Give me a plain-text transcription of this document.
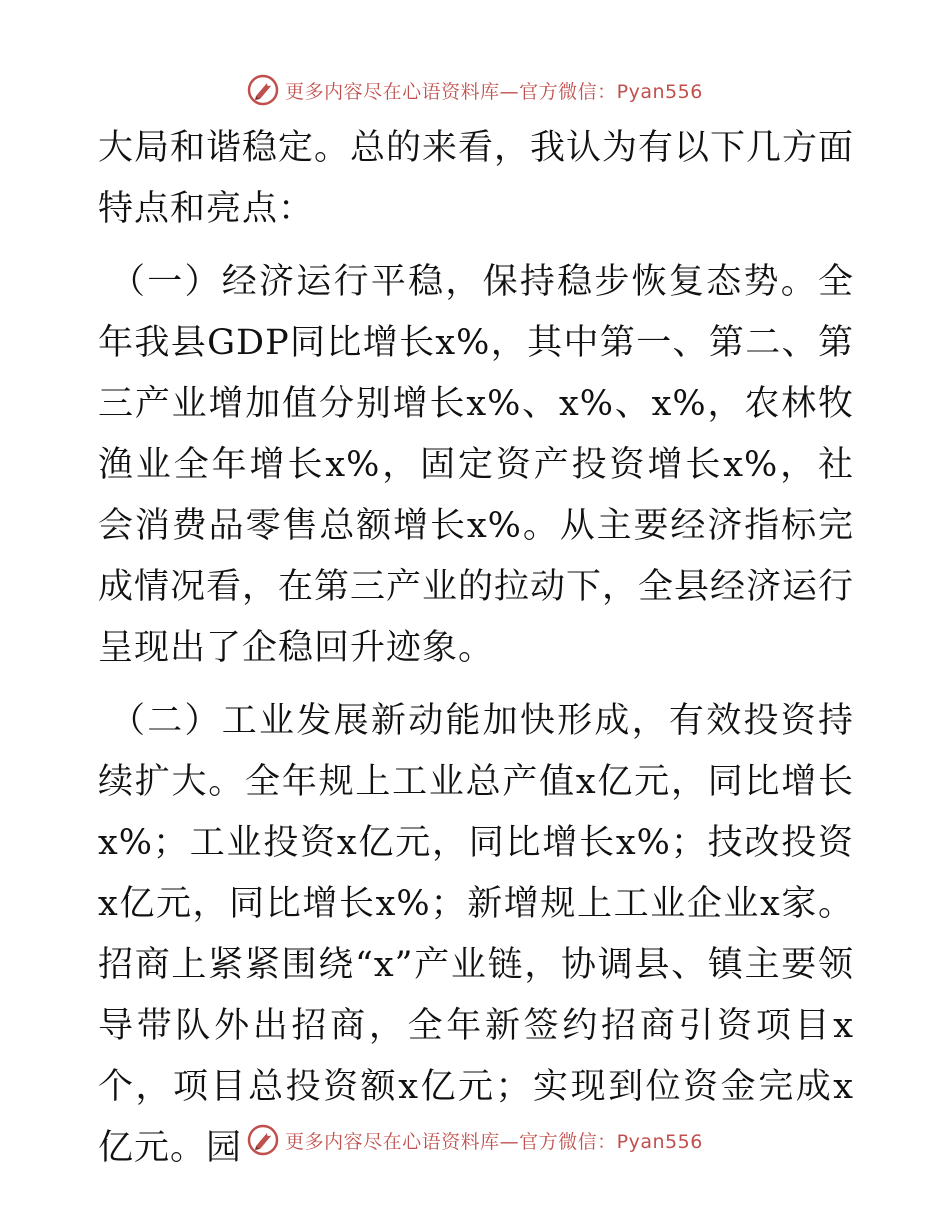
更多内容尽在心语资料库—官方微信：Pyan556

大局和谐稳定。总的来看，我认为有以下几方面特点和亮点：

（一）经济运行平稳，保持稳步恢复态势。全年我县GDP同比增长x%，其中第一、第二、第三产业增加值分别增长x%、x%、x%，农林牧渔业全年增长x%，固定资产投资增长x%，社会消费品零售总额增长x%。从主要经济指标完成情况看，在第三产业的拉动下，全县经济运行呈现出了企稳回升迹象。

（二）工业发展新动能加快形成，有效投资持续扩大。全年规上工业总产值x亿元，同比增长x%；工业投资x亿元，同比增长x%；技改投资x亿元，同比增长x%；新增规上工业企业x家。招商上紧紧围绕“x”产业链，协调县、镇主要领导带队外出招商，全年新签约招商引资项目x个，项目总投资额x亿元；实现到位资金完成x亿元。园	更多内容尽在心语资料库—官方微信：Pyan556
